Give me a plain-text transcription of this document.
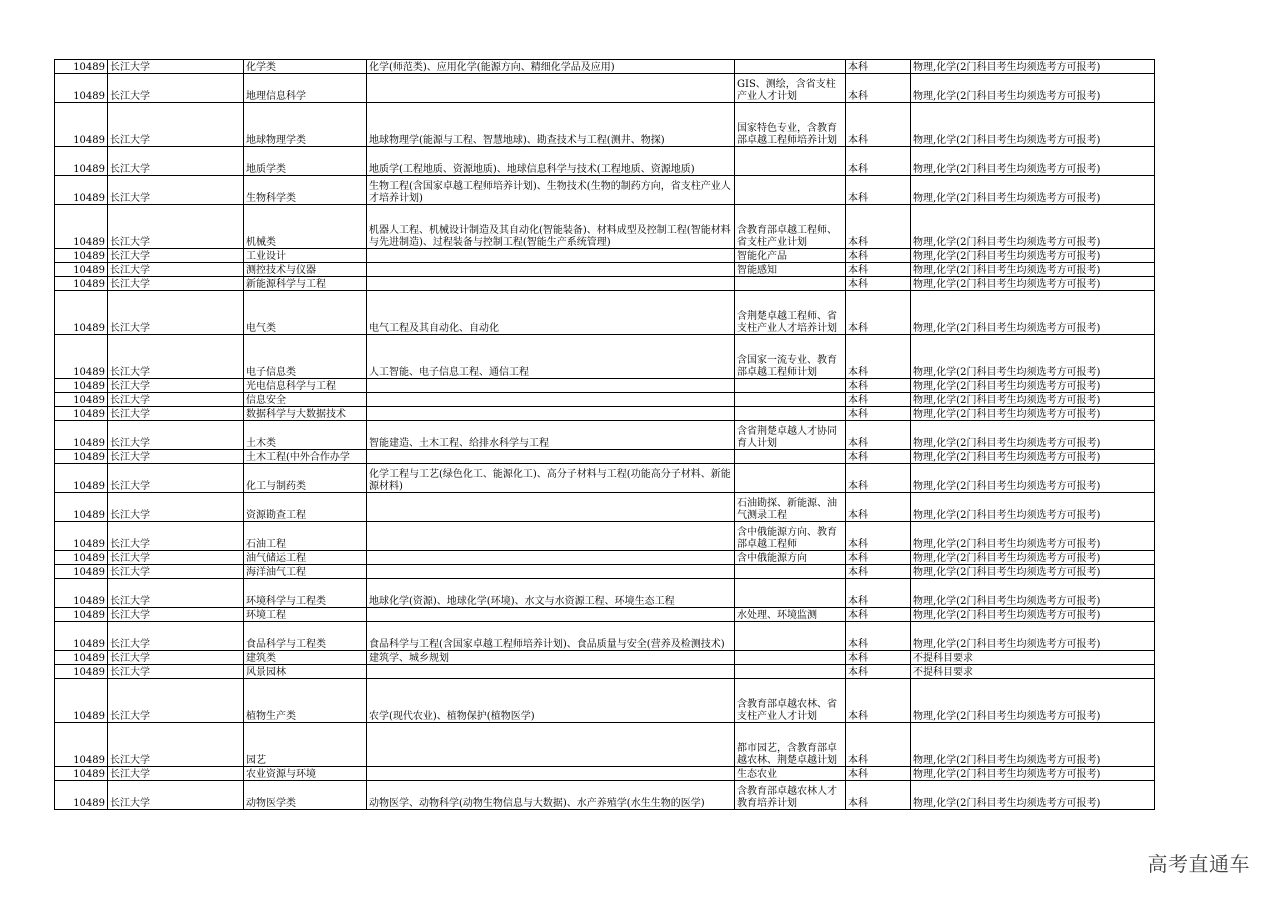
10489	长江大学	化学类	化学(师范类)、应用化学(能源方向、精细化学品及应用)		本科	物理,化学(2门科目考生均须选考方可报考)
10489	长江大学	地理信息科学		GIS、测绘，含省支柱产业人才计划	本科	物理,化学(2门科目考生均须选考方可报考)
10489	长江大学	地球物理学类	地球物理学(能源与工程、智慧地球)、勘查技术与工程(测井、物探)	国家特色专业，含教育部卓越工程师培养计划	本科	物理,化学(2门科目考生均须选考方可报考)
10489	长江大学	地质学类	地质学(工程地质、资源地质)、地球信息科学与技术(工程地质、资源地质)		本科	物理,化学(2门科目考生均须选考方可报考)
10489	长江大学	生物科学类	生物工程(含国家卓越工程师培养计划)、生物技术(生物的制药方向，省支柱产业人才培养计划)		本科	物理,化学(2门科目考生均须选考方可报考)
10489	长江大学	机械类	机器人工程、机械设计制造及其自动化(智能装备)、材料成型及控制工程(智能材料与先进制造)、过程装备与控制工程(智能生产系统管理)	含教育部卓越工程师、省支柱产业计划	本科	物理,化学(2门科目考生均须选考方可报考)
10489	长江大学	工业设计		智能化产品	本科	物理,化学(2门科目考生均须选考方可报考)
10489	长江大学	测控技术与仪器		智能感知	本科	物理,化学(2门科目考生均须选考方可报考)
10489	长江大学	新能源科学与工程			本科	物理,化学(2门科目考生均须选考方可报考)
10489	长江大学	电气类	电气工程及其自动化、自动化	含荆楚卓越工程师、省支柱产业人才培养计划	本科	物理,化学(2门科目考生均须选考方可报考)
10489	长江大学	电子信息类	人工智能、电子信息工程、通信工程	含国家一流专业、教育部卓越工程师计划	本科	物理,化学(2门科目考生均须选考方可报考)
10489	长江大学	光电信息科学与工程			本科	物理,化学(2门科目考生均须选考方可报考)
10489	长江大学	信息安全			本科	物理,化学(2门科目考生均须选考方可报考)
10489	长江大学	数据科学与大数据技术			本科	物理,化学(2门科目考生均须选考方可报考)
10489	长江大学	土木类	智能建造、土木工程、给排水科学与工程	含省荆楚卓越人才协同育人计划	本科	物理,化学(2门科目考生均须选考方可报考)
10489	长江大学	土木工程(中外合作办学			本科	物理,化学(2门科目考生均须选考方可报考)
10489	长江大学	化工与制药类	化学工程与工艺(绿色化工、能源化工)、高分子材料与工程(功能高分子材料、新能源材料)		本科	物理,化学(2门科目考生均须选考方可报考)
10489	长江大学	资源勘查工程		石油勘探、新能源、油气测录工程	本科	物理,化学(2门科目考生均须选考方可报考)
10489	长江大学	石油工程		含中俄能源方向、教育部卓越工程师	本科	物理,化学(2门科目考生均须选考方可报考)
10489	长江大学	油气储运工程		含中俄能源方向	本科	物理,化学(2门科目考生均须选考方可报考)
10489	长江大学	海洋油气工程			本科	物理,化学(2门科目考生均须选考方可报考)
10489	长江大学	环境科学与工程类	地球化学(资源)、地球化学(环境)、水文与水资源工程、环境生态工程		本科	物理,化学(2门科目考生均须选考方可报考)
10489	长江大学	环境工程		水处理、环境监测	本科	物理,化学(2门科目考生均须选考方可报考)
10489	长江大学	食品科学与工程类	食品科学与工程(含国家卓越工程师培养计划)、食品质量与安全(营养及检测技术)		本科	物理,化学(2门科目考生均须选考方可报考)
10489	长江大学	建筑类	建筑学、城乡规划		本科	不提科目要求
10489	长江大学	风景园林			本科	不提科目要求
10489	长江大学	植物生产类	农学(现代农业)、植物保护(植物医学)	含教育部卓越农林、省支柱产业人才计划	本科	物理,化学(2门科目考生均须选考方可报考)
10489	长江大学	园艺		都市园艺，含教育部卓越农林、荆楚卓越计划	本科	物理,化学(2门科目考生均须选考方可报考)
10489	长江大学	农业资源与环境		生态农业	本科	物理,化学(2门科目考生均须选考方可报考)
10489	长江大学	动物医学类	动物医学、动物科学(动物生物信息与大数据)、水产养殖学(水生生物的医学)	含教育部卓越农林人才教育培养计划	本科	物理,化学(2门科目考生均须选考方可报考)
高考直通车
